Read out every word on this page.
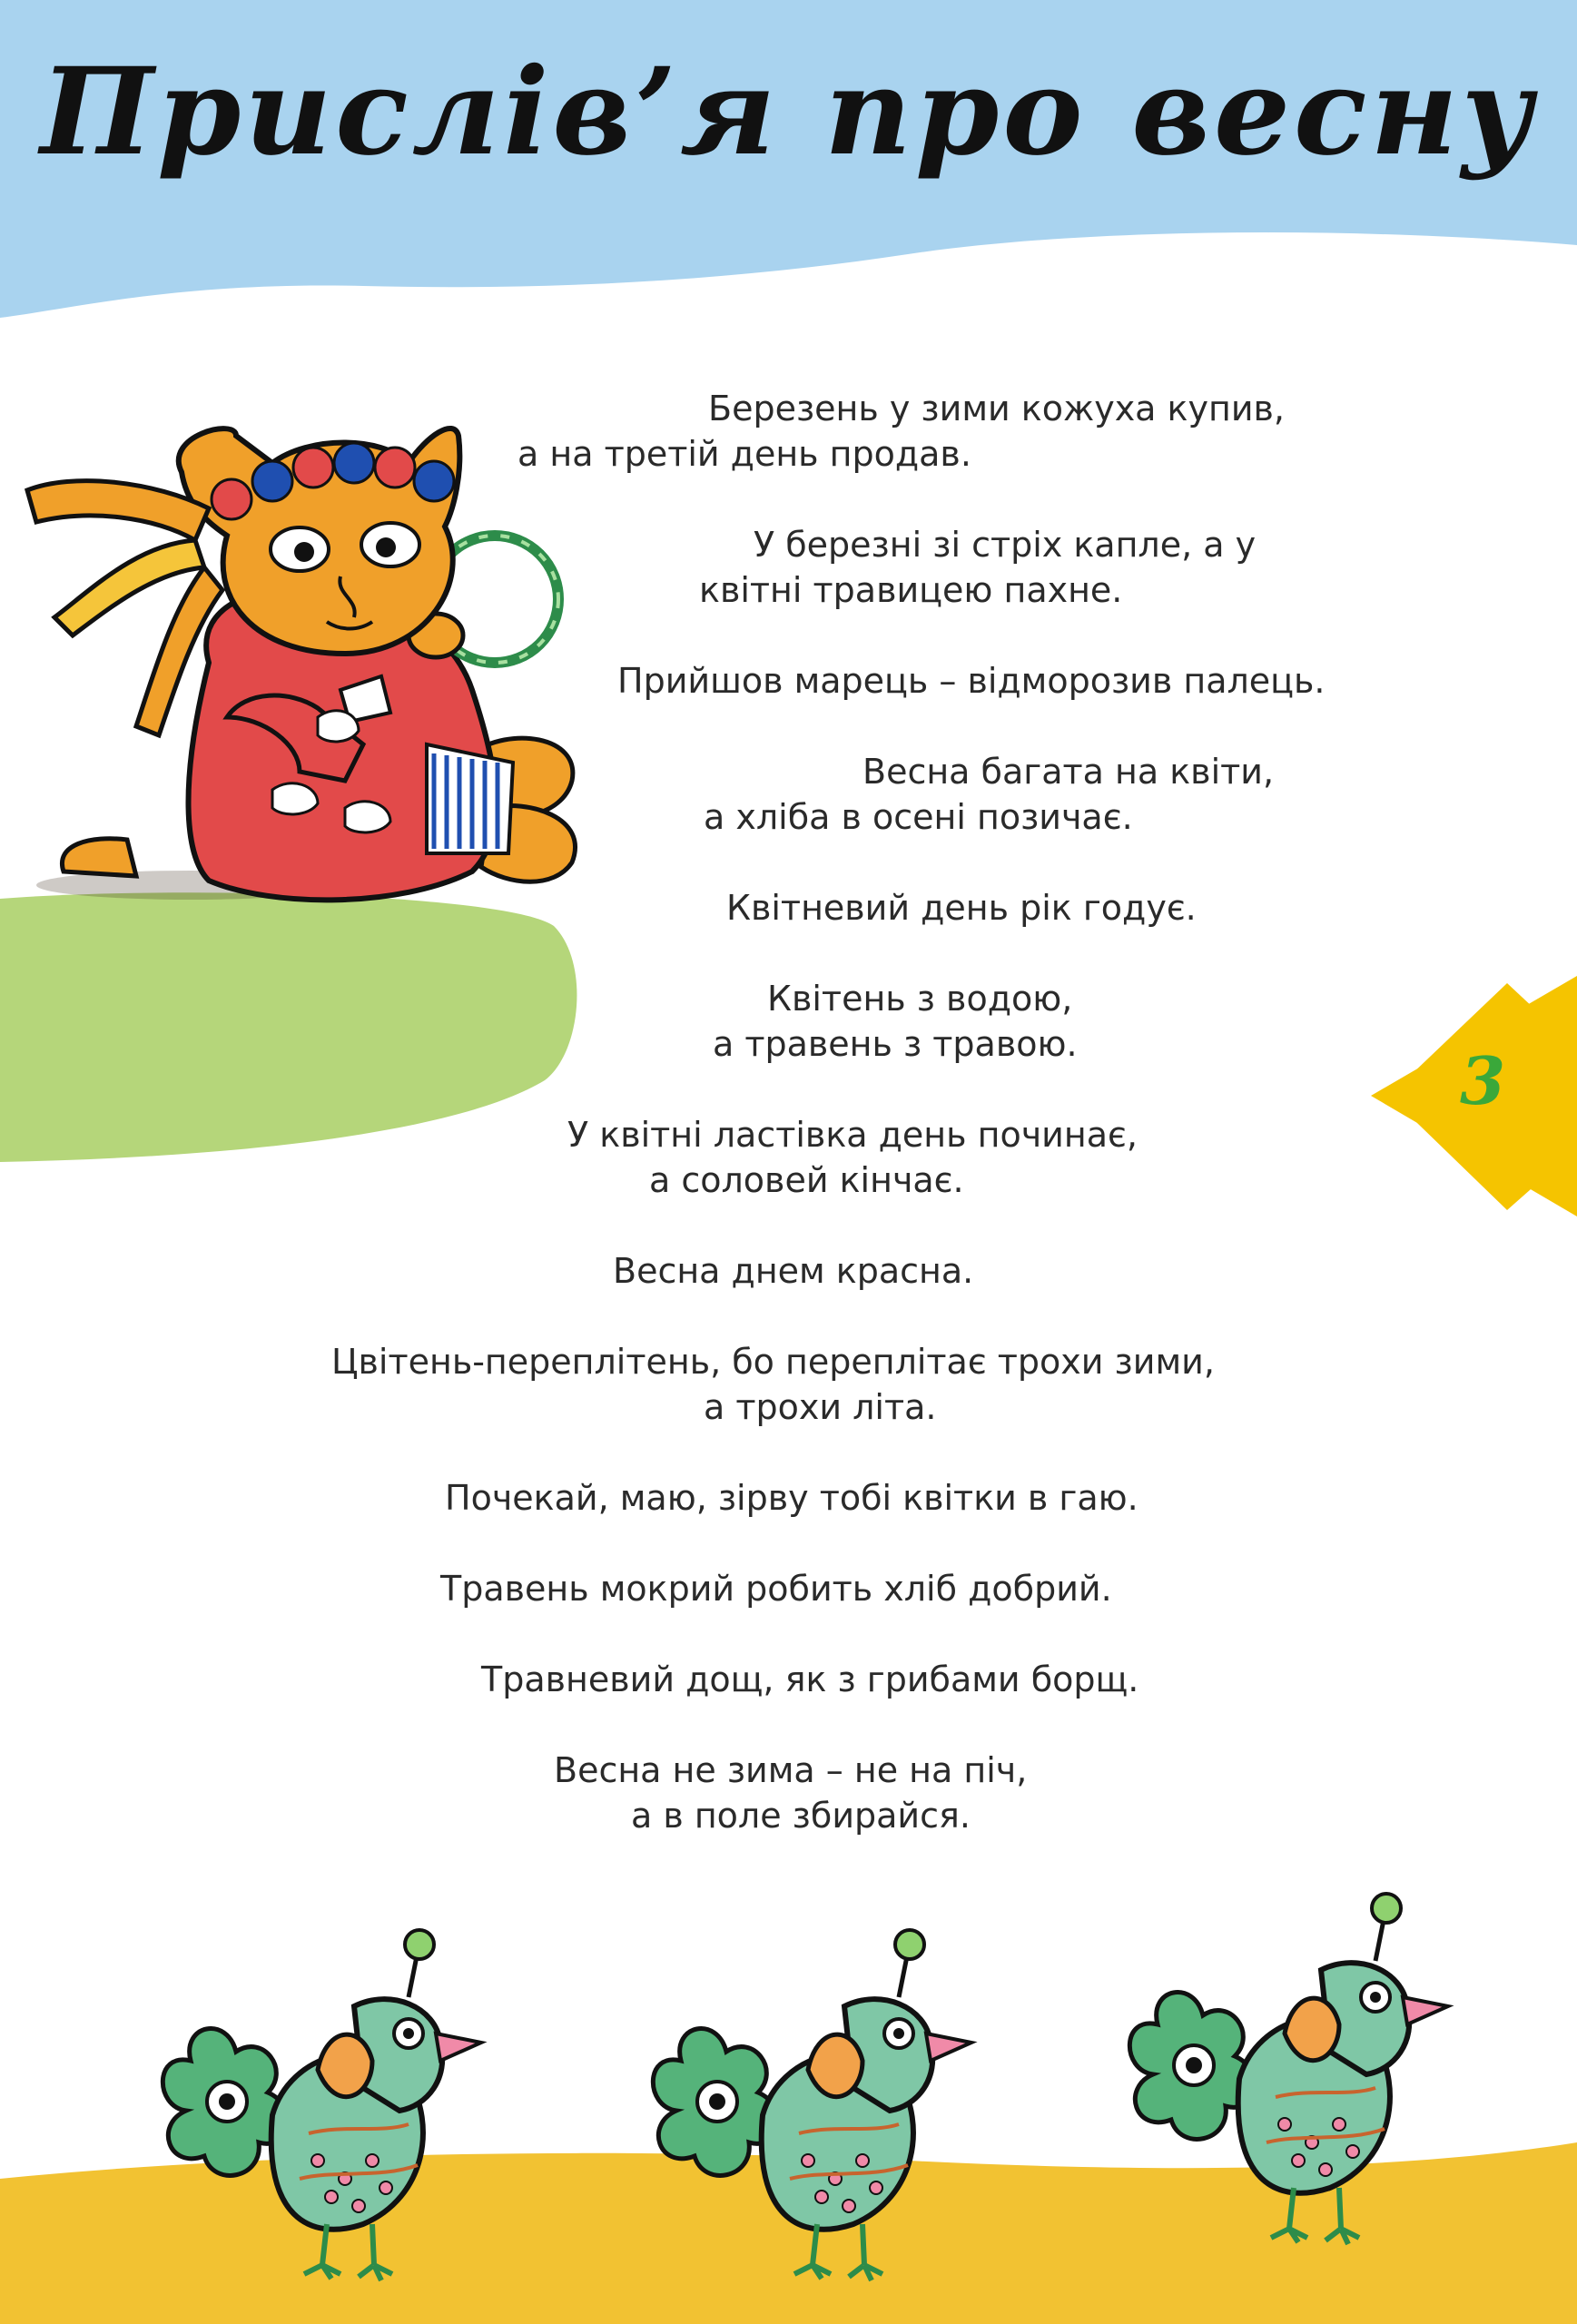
Прислів’я про весну
Березень у зими кожуха купив,
а на третій день продав.
У березні зі стріх капле, а у
квітні травицею пахне.
Прийшов марець – відморозив палець.
Весна багата на квіти,
а хліба в осені позичає.
Квітневий день рік годує.
Квітень з водою,
а травень з травою.
У квітні ластівка день починає,
а соловей кінчає.
Весна днем красна.
Цвітень-переплітень, бо переплітає трохи зими,
а трохи літа.
Почекай, маю, зірву тобі квітки в гаю.
Травень мокрий робить хліб добрий.
Травневий дощ, як з грибами борщ.
Весна не зима – не на піч,
а в поле збирайся.
3
